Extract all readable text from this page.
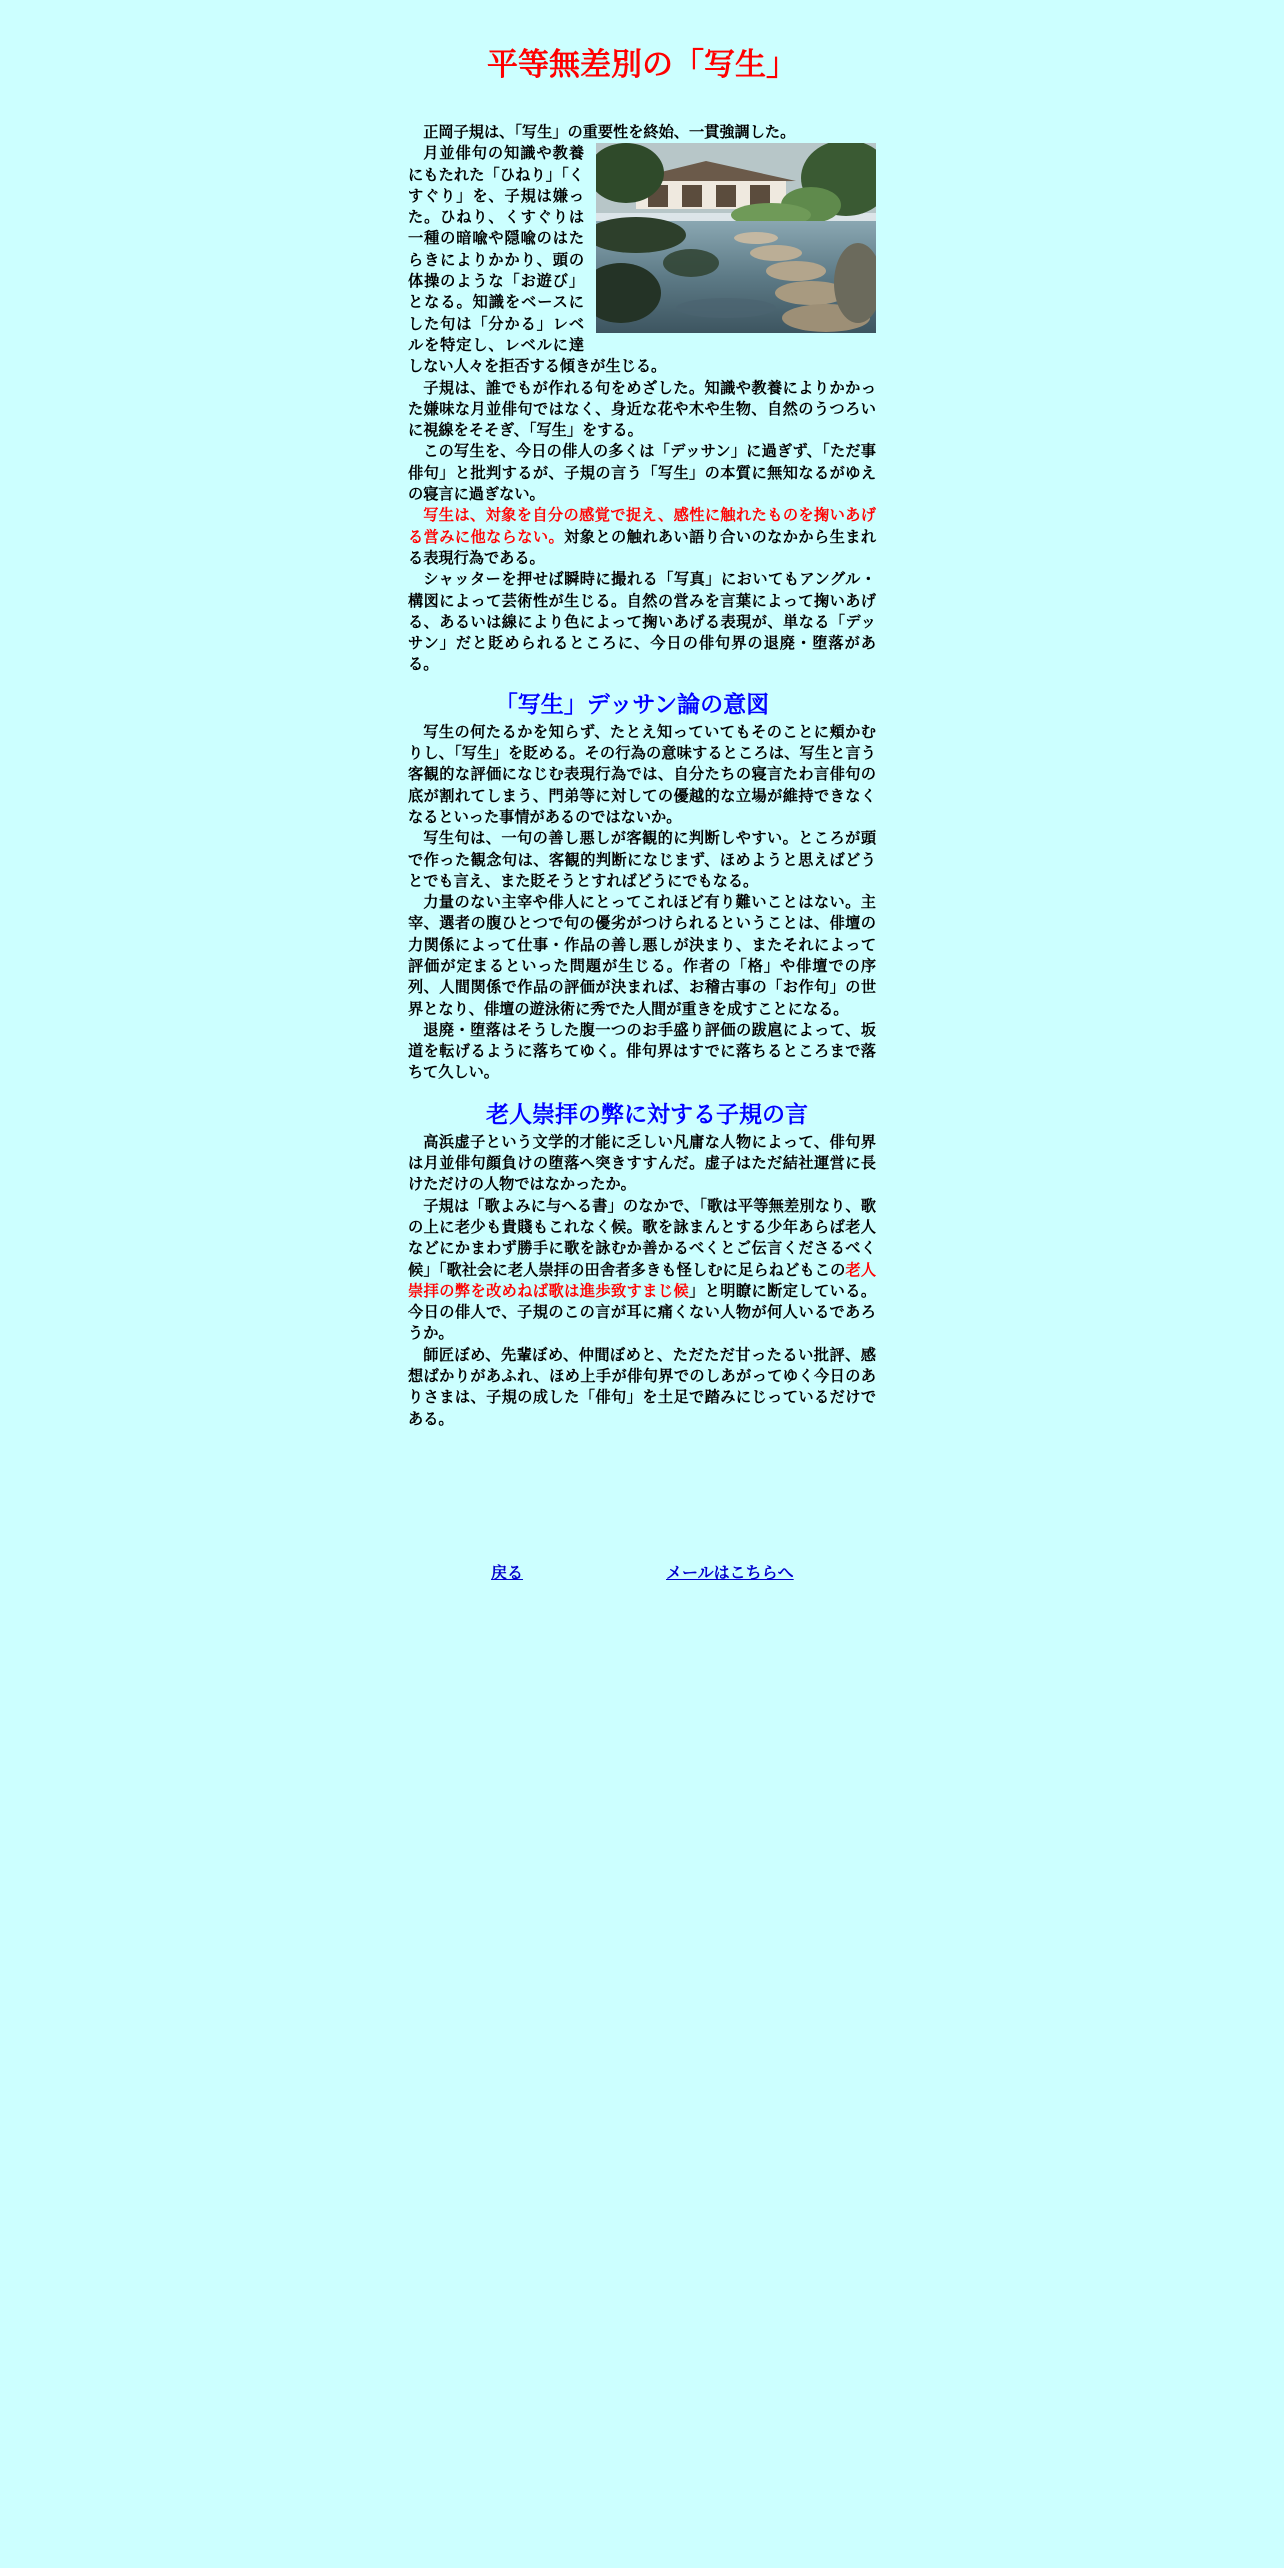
平等無差別の「写生」

正岡子規は、「写生」の重要性を終始、一貫強調した。

月並俳句の知識や教養にもたれた「ひねり」「くすぐり」を、子規は嫌った。ひねり、くすぐりは一種の暗喩や隠喩のはたらきによりかかり、頭の体操のような「お遊び」となる。知識をベースにした句は「分かる」レベルを特定し、レベルに達しない人々を拒否する傾きが生じる。

子規は、誰でもが作れる句をめざした。知識や教養によりかかった嫌味な月並俳句ではなく、身近な花や木や生物、自然のうつろいに視線をそそぎ、「写生」をする。

この写生を、今日の俳人の多くは「デッサン」に過ぎず、「ただ事俳句」と批判するが、子規の言う「写生」の本質に無知なるがゆえの寝言に過ぎない。

写生は、対象を自分の感覚で捉え、感性に触れたものを掬いあげる営みに他ならない。対象との触れあい語り合いのなかから生まれる表現行為である。

シャッターを押せば瞬時に撮れる「写真」においてもアングル・構図によって芸術性が生じる。自然の営みを言葉によって掬いあげる、あるいは線により色によって掬いあげる表現が、単なる「デッサン」だと貶められるところに、今日の俳句界の退廃・堕落がある。

「写生」デッサン論の意図

写生の何たるかを知らず、たとえ知っていてもそのことに頬かむりし、「写生」を貶める。その行為の意味するところは、写生と言う客観的な評価になじむ表現行為では、自分たちの寝言たわ言俳句の底が割れてしまう、門弟等に対しての優越的な立場が維持できなくなるといった事情があるのではないか。

写生句は、一句の善し悪しが客観的に判断しやすい。ところが頭で作った観念句は、客観的判断になじまず、ほめようと思えばどうとでも言え、また貶そうとすればどうにでもなる。

力量のない主宰や俳人にとってこれほど有り難いことはない。主宰、選者の腹ひとつで句の優劣がつけられるということは、俳壇の力関係によって仕事・作品の善し悪しが決まり、またそれによって評価が定まるといった問題が生じる。作者の「格」や俳壇での序列、人間関係で作品の評価が決まれば、お稽古事の「お作句」の世界となり、俳壇の遊泳術に秀でた人間が重きを成すことになる。

退廃・堕落はそうした腹一つのお手盛り評価の跋扈によって、坂道を転げるように落ちてゆく。俳句界はすでに落ちるところまで落ちて久しい。

老人崇拝の弊に対する子規の言

高浜虚子という文学的才能に乏しい凡庸な人物によって、俳句界は月並俳句顔負けの堕落へ突きすすんだ。虚子はただ結社運営に長けただけの人物ではなかったか。

子規は「歌よみに与へる書」のなかで、「歌は平等無差別なり、歌の上に老少も貴賤もこれなく候。歌を詠まんとする少年あらば老人などにかまわず勝手に歌を詠むか善かるべくとご伝言くださるべく候」「歌社会に老人崇拝の田舎者多きも怪しむに足らねどもこの老人崇拝の弊を改めねば歌は進歩致すまじ候」と明瞭に断定している。今日の俳人で、子規のこの言が耳に痛くない人物が何人いるであろうか。

師匠ぼめ、先輩ぼめ、仲間ぼめと、ただただ甘ったるい批評、感想ばかりがあふれ、ほめ上手が俳句界でのしあがってゆく今日のありさまは、子規の成した「俳句」を土足で踏みにじっているだけである。

戻る	メールはこちらへ
